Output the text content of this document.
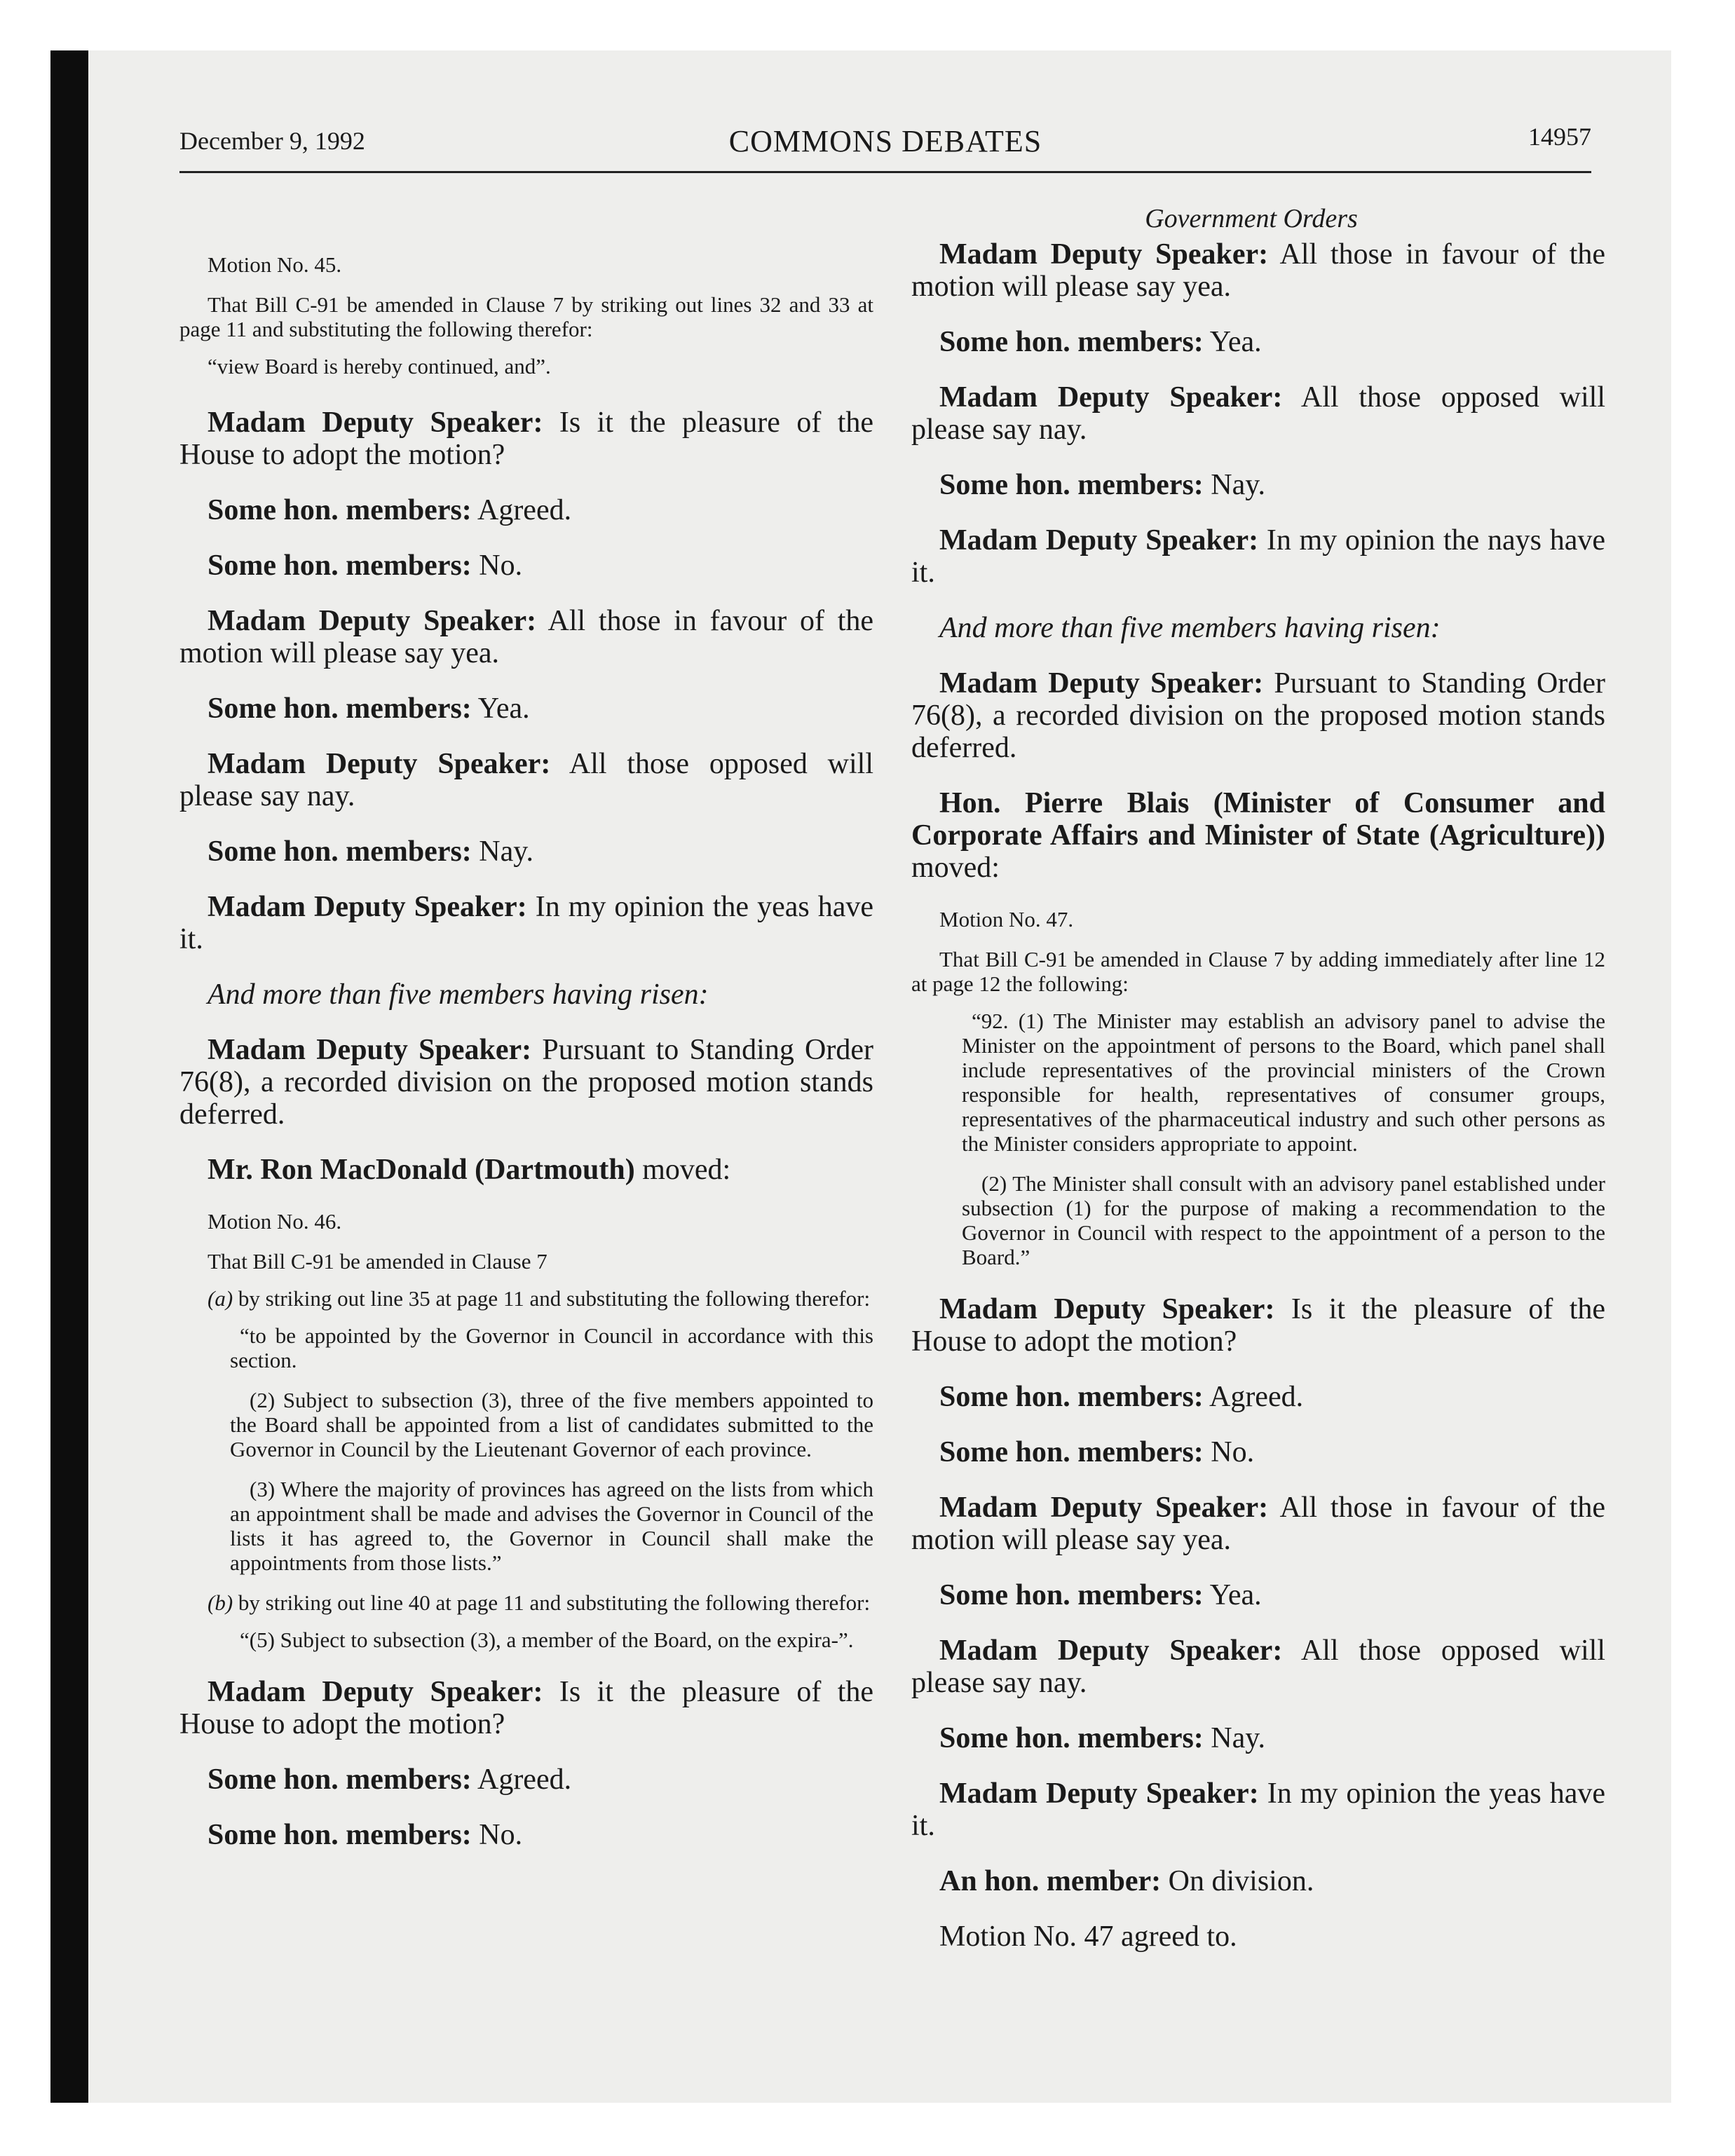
December 9, 1992	COMMONS DEBATES	14957
Government Orders

Motion No. 45.

That Bill C-91 be amended in Clause 7 by striking out lines 32 and 33 at page 11 and substituting the following therefor:

“view Board is hereby continued, and”.

Madam Deputy Speaker: Is it the pleasure of the House to adopt the motion?

Some hon. members: Agreed.

Some hon. members: No.

Madam Deputy Speaker: All those in favour of the motion will please say yea.

Some hon. members: Yea.

Madam Deputy Speaker: All those opposed will please say nay.

Some hon. members: Nay.

Madam Deputy Speaker: In my opinion the yeas have it.

And more than five members having risen:

Madam Deputy Speaker: Pursuant to Standing Order 76(8), a recorded division on the proposed motion stands deferred.

Mr. Ron MacDonald (Dartmouth) moved:

Motion No. 46.

That Bill C-91 be amended in Clause 7

(a) by striking out line 35 at page 11 and substituting the following therefor:

“to be appointed by the Governor in Council in accordance with this section.

(2) Subject to subsection (3), three of the five members appointed to the Board shall be appointed from a list of candidates submitted to the Governor in Council by the Lieutenant Governor of each province.

(3) Where the majority of provinces has agreed on the lists from which an appointment shall be made and advises the Governor in Council of the lists it has agreed to, the Governor in Council shall make the appointments from those lists.”

(b) by striking out line 40 at page 11 and substituting the following therefor:

“(5) Subject to subsection (3), a member of the Board, on the expira-”.

Madam Deputy Speaker: Is it the pleasure of the House to adopt the motion?

Some hon. members: Agreed.

Some hon. members: No.

Madam Deputy Speaker: All those in favour of the motion will please say yea.

Some hon. members: Yea.

Madam Deputy Speaker: All those opposed will please say nay.

Some hon. members: Nay.

Madam Deputy Speaker: In my opinion the nays have it.

And more than five members having risen:

Madam Deputy Speaker: Pursuant to Standing Order 76(8), a recorded division on the proposed motion stands deferred.

Hon. Pierre Blais (Minister of Consumer and Corporate Affairs and Minister of State (Agriculture)) moved:

Motion No. 47.

That Bill C-91 be amended in Clause 7 by adding immediately after line 12 at page 12 the following:

“92. (1) The Minister may establish an advisory panel to advise the Minister on the appointment of persons to the Board, which panel shall include representatives of the provincial ministers of the Crown responsible for health, representatives of consumer groups, representatives of the pharmaceutical industry and such other persons as the Minister considers appropriate to appoint.

(2) The Minister shall consult with an advisory panel established under subsection (1) for the purpose of making a recommendation to the Governor in Council with respect to the appointment of a person to the Board.”

Madam Deputy Speaker: Is it the pleasure of the House to adopt the motion?

Some hon. members: Agreed.

Some hon. members: No.

Madam Deputy Speaker: All those in favour of the motion will please say yea.

Some hon. members: Yea.

Madam Deputy Speaker: All those opposed will please say nay.

Some hon. members: Nay.

Madam Deputy Speaker: In my opinion the yeas have it.

An hon. member: On division.

Motion No. 47 agreed to.
